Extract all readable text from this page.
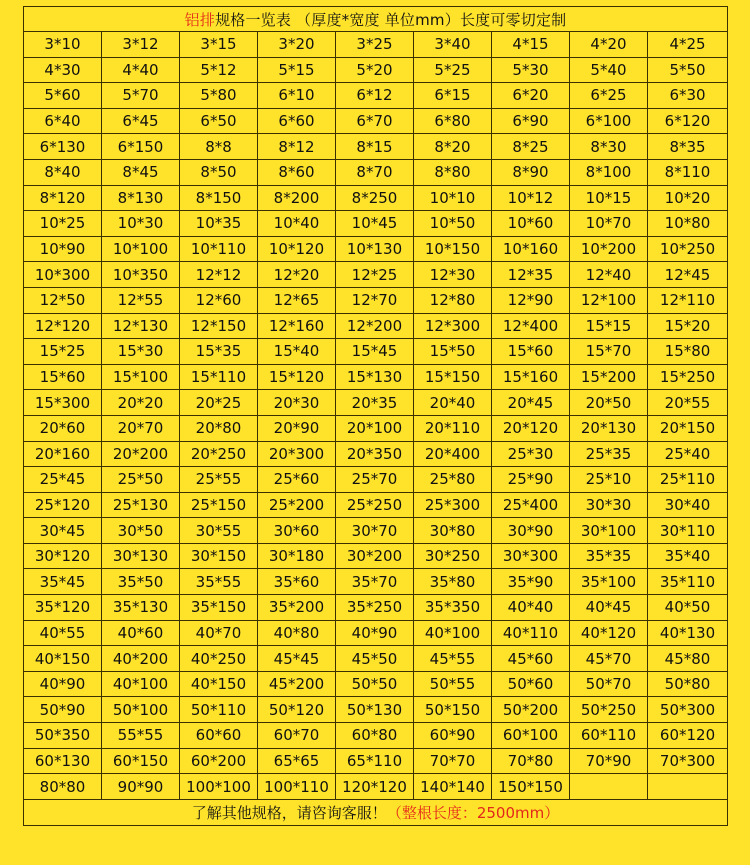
铝排规格一览表 （厚度*宽度 单位mm）长度可零切定制								
3*10	3*12	3*15	3*20	3*25	3*40	4*15	4*20	4*25
4*30	4*40	5*12	5*15	5*20	5*25	5*30	5*40	5*50
5*60	5*70	5*80	6*10	6*12	6*15	6*20	6*25	6*30
6*40	6*45	6*50	6*60	6*70	6*80	6*90	6*100	6*120
6*130	6*150	8*8	8*12	8*15	8*20	8*25	8*30	8*35
8*40	8*45	8*50	8*60	8*70	8*80	8*90	8*100	8*110
8*120	8*130	8*150	8*200	8*250	10*10	10*12	10*15	10*20
10*25	10*30	10*35	10*40	10*45	10*50	10*60	10*70	10*80
10*90	10*100	10*110	10*120	10*130	10*150	10*160	10*200	10*250
10*300	10*350	12*12	12*20	12*25	12*30	12*35	12*40	12*45
12*50	12*55	12*60	12*65	12*70	12*80	12*90	12*100	12*110
12*120	12*130	12*150	12*160	12*200	12*300	12*400	15*15	15*20
15*25	15*30	15*35	15*40	15*45	15*50	15*60	15*70	15*80
15*60	15*100	15*110	15*120	15*130	15*150	15*160	15*200	15*250
15*300	20*20	20*25	20*30	20*35	20*40	20*45	20*50	20*55
20*60	20*70	20*80	20*90	20*100	20*110	20*120	20*130	20*150
20*160	20*200	20*250	20*300	20*350	20*400	25*30	25*35	25*40
25*45	25*50	25*55	25*60	25*70	25*80	25*90	25*10	25*110
25*120	25*130	25*150	25*200	25*250	25*300	25*400	30*30	30*40
30*45	30*50	30*55	30*60	30*70	30*80	30*90	30*100	30*110
30*120	30*130	30*150	30*180	30*200	30*250	30*300	35*35	35*40
35*45	35*50	35*55	35*60	35*70	35*80	35*90	35*100	35*110
35*120	35*130	35*150	35*200	35*250	35*350	40*40	40*45	40*50
40*55	40*60	40*70	40*80	40*90	40*100	40*110	40*120	40*130
40*150	40*200	40*250	45*45	45*50	45*55	45*60	45*70	45*80
40*90	40*100	40*150	45*200	50*50	50*55	50*60	50*70	50*80
50*90	50*100	50*110	50*120	50*130	50*150	50*200	50*250	50*300
50*350	55*55	60*60	60*70	60*80	60*90	60*100	60*110	60*120
60*130	60*150	60*200	65*65	65*110	70*70	70*80	70*90	70*300
80*80	90*90	100*100	100*110	120*120	140*140	150*150		
了解其他规格，请咨询客服！（整根长度：2500mm）								
